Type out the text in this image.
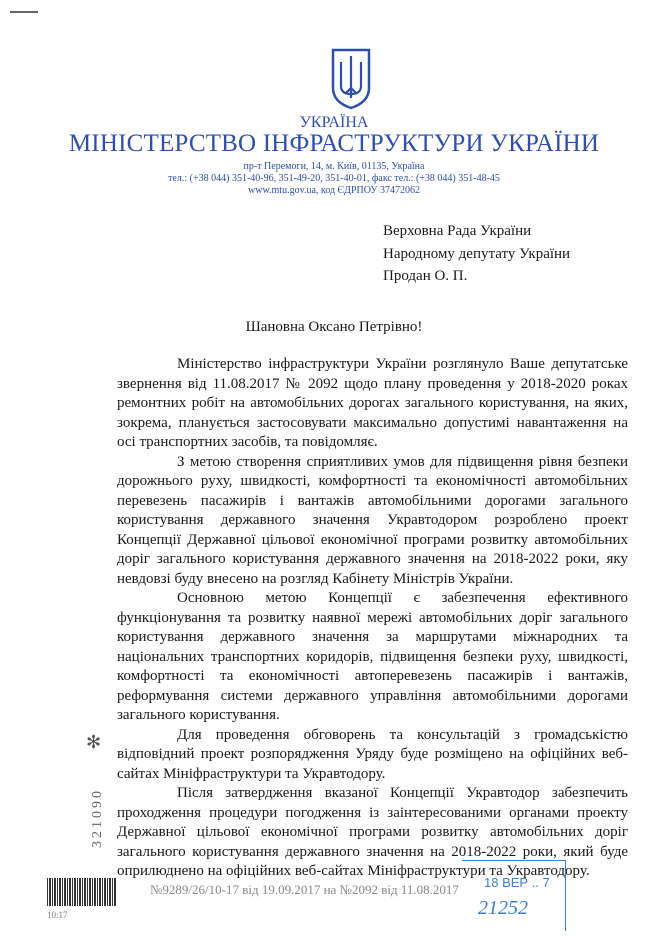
УКРАЇНА
МІНІСТЕРСТВО ІНФРАСТРУКТУРИ УКРАЇНИ
пр-т Перемоги, 14, м. Київ, 01135, Україна
тел.: (+38 044) 351-40-96, 351-49-20, 351-40-01, факс тел.: (+38 044) 351-48-45
www.mtu.gov.ua, код ЄДРПОУ 37472062
Верховна Рада України
Народному депутату України
Продан О. П.
Шановна Оксано Петрівно!

Міністерство інфраструктури України розглянуло Ваше депутатське звернення від 11.08.2017 № 2092 щодо плану проведення у 2018-2020 роках ремонтних робіт на автомобільних дорогах загального користування, на яких, зокрема, планується застосовувати максимально допустимі навантаження на осі транспортних засобів, та повідомляє.

З метою створення сприятливих умов для підвищення рівня безпеки дорожнього руху, швидкості, комфортності та економічності автомобільних перевезень пасажирів і вантажів автомобільними дорогами загального користування державного значення Укравтодором розроблено проект Концепції Державної цільової економічної програми розвитку автомобільних доріг загального користування державного значення на 2018-2022 роки, яку невдовзі буду внесено на розгляд Кабінету Міністрів України.

Основною метою Концепції є забезпечення ефективного функціонування та розвитку наявної мережі автомобільних доріг загального користування державного значення за маршрутами міжнародних та національних транспортних коридорів, підвищення безпеки руху, швидкості, комфортності та економічності автоперевезень пасажирів і вантажів, реформування системи державного управління автомобільними дорогами загального користування.

Для проведення обговорень та консультацій з громадськістю відповідний проект розпорядження Уряду буде розміщено на офіційних веб-сайтах Мініфраструктури та Укравтодору.

Після затвердження вказаної Концепції Укравтодор забезпечить проходження процедури погодження із заінтересованими органами проекту Державної цільової економічної програми розвитку автомобільних доріг загального користування державного значення на 2018-2022 роки, який буде оприлюднено на офіційних веб-сайтах Мініфраструктури та Укравтодору.

✻
321090
10:17
№9289/26/10-17 від 19.09.2017 на №2092 від 11.08.2017 18 ВЕР .. 7
21252
